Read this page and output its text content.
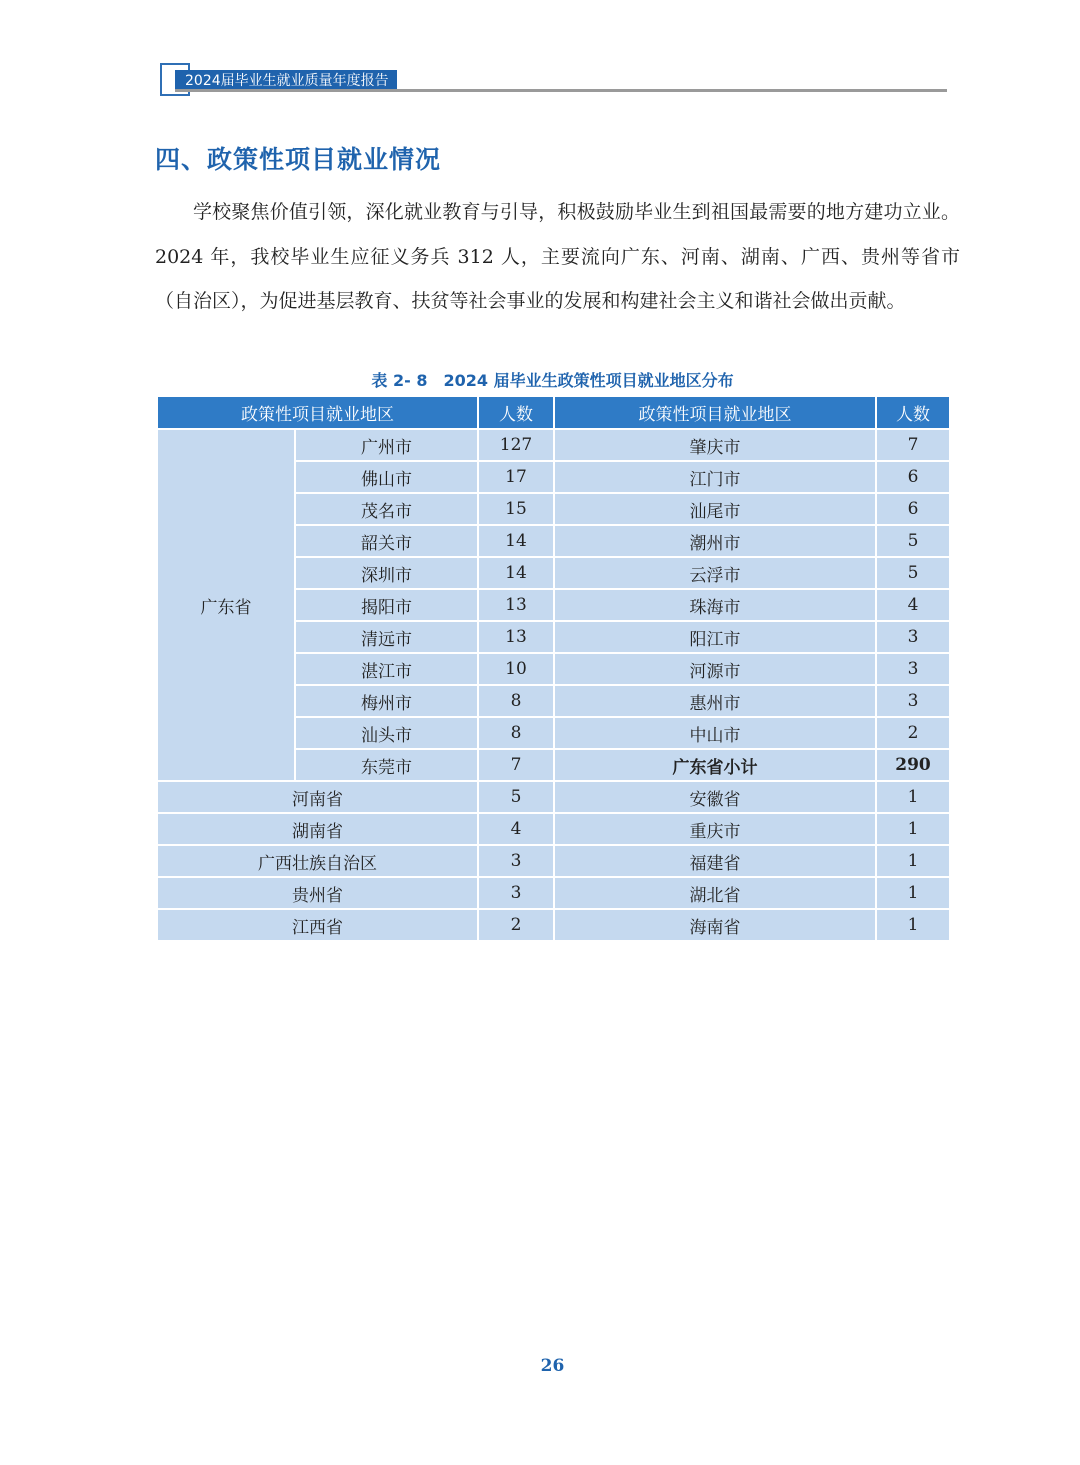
2024届毕业生就业质量年度报告
四、政策性项目就业情况

学校聚焦价值引领，深化就业教育与引导，积极鼓励毕业生到祖国最需要的地方建功立业。2024 年，我校毕业生应征义务兵 312 人，主要流向广东、河南、湖南、广西、贵州等省市（自治区），为促进基层教育、扶贫等社会事业的发展和构建社会主义和谐社会做出贡献。

表 2- 8　2024 届毕业生政策性项目就业地区分布
政策性项目就业地区		人数	政策性项目就业地区	人数
广东省	广州市	127	肇庆市	7
	佛山市	17	江门市	6
	茂名市	15	汕尾市	6
	韶关市	14	潮州市	5
	深圳市	14	云浮市	5
	揭阳市	13	珠海市	4
	清远市	13	阳江市	3
	湛江市	10	河源市	3
	梅州市	8	惠州市	3
	汕头市	8	中山市	2
	东莞市	7	广东省小计	290
河南省		5	安徽省	1
湖南省		4	重庆市	1
广西壮族自治区		3	福建省	1
贵州省		3	湖北省	1
江西省		2	海南省	1
26
